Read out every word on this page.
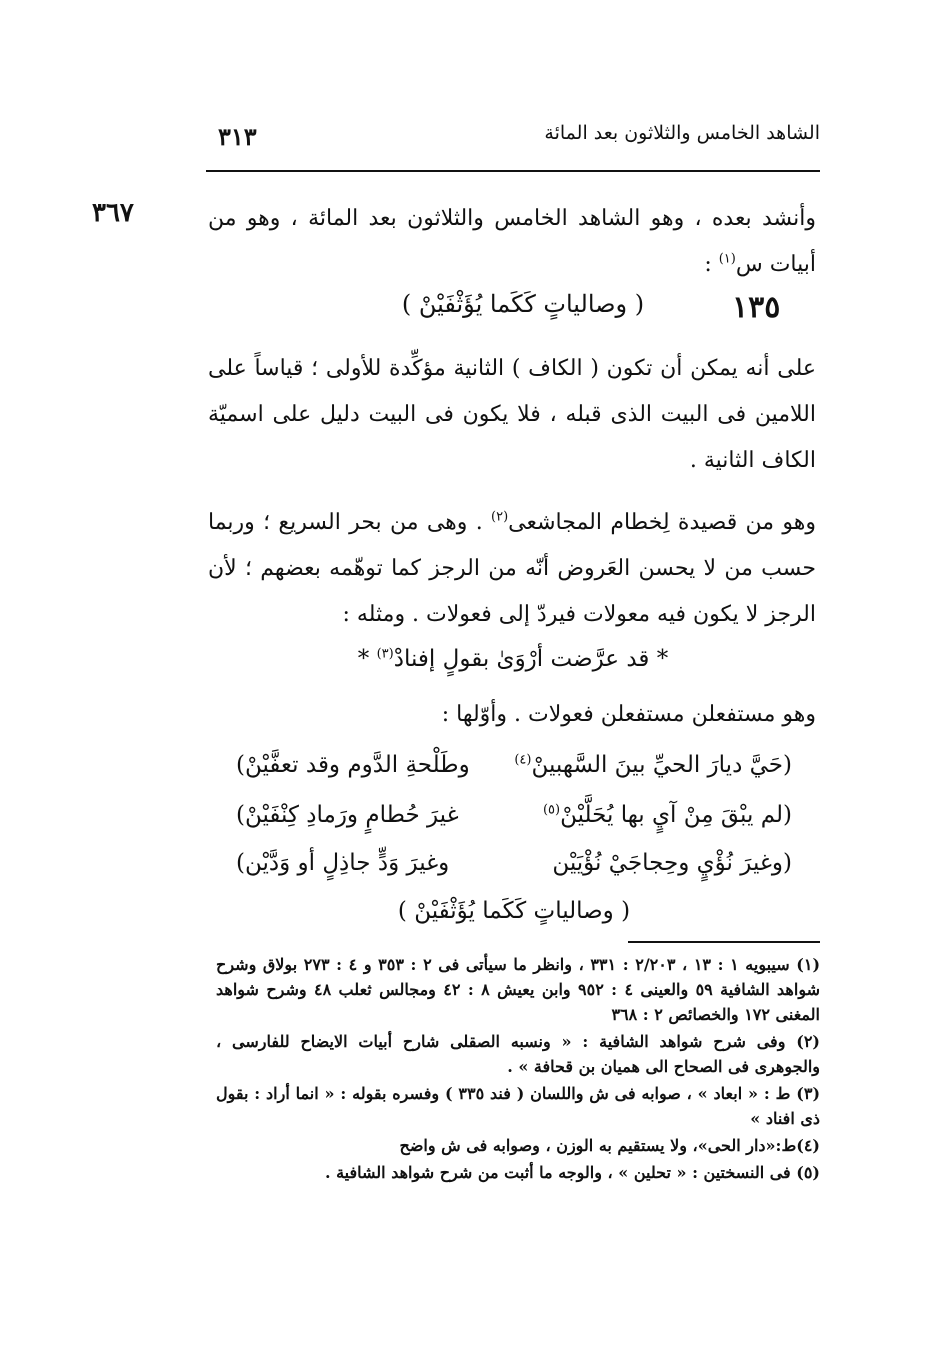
الشاهد الخامس والثلاثون بعد المائة
٣١٣
٣٦٧	وأنشد بعده ، وهو الشاهد الخامس والثلاثون بعد المائة ، وهو من أبيات س$^{(١)}$ :
١٣٥
( وصالياتٍ كَكَما يُؤَثْفَيْنْ )
على أنه يمكن أن تكون ( الكاف ) الثانية مؤكِّدة للأولى ؛ قياساً على اللامين فى البيت الذى قبله ، فلا يكون فى البيت دليل على اسميّة الكاف الثانية .
وهو من قصيدة لِخطام المجاشعى$^{(٢)}$ . وهى من بحر السريع ؛ وربما حسب من لا يحسن العَروض أنّه من الرجز كما توهّمه بعضهم ؛ لأن الرجز لا يكون فيه معولات فيردّ إلى فعولات . ومثله :
* قد عرَّضت أرْوَىٰ بقولٍ إفنادْ$^{(٣)}$ *
وهو مستفعلن مستفعلن فعولات . وأوّلها :
(حَيَّ ديارَ الحيِّ بينَ السَّهبينْ$^{(٤)}$
وطَلْحةِ الدَّوم وقد تعفَّيْنْ)
(لم يبْقَ مِنْ آيٍ بها يُحَلَّيْنْ$^{(٥)}$
غيرَ حُطامٍ ورَمادِ كِنْفَيْنْ)
(وغيرَ نُؤْيٍ وحِجاجَيْ نُؤْيَيْن
وغيرَ وَدٍّ جاذِلٍ أو وَدَّيْن)
( وصالياتٍ كَكَما يُؤَثْفَيْنْ )

(١) سيبويه ١ : ١٣ ، ٢/٢٠٣ : ٣٣١ ، وانظر ما سيأتى فى ٢ : ٣٥٣ و ٤ : ٢٧٣ بولاق وشرح شواهد الشافية ٥٩ والعينى ٤ : ٩٥٢ وابن يعيش ٨ : ٤٢ ومجالس ثعلب ٤٨ وشرح شواهد المغنى ١٧٢ والخصائص ٢ : ٣٦٨

(٢) وفى شرح شواهد الشافية : « ونسبه الصقلى شارح أبيات الايضاح للفارسى ، والجوهرى فى الصحاح الى هميان بن قحافة » .

(٣) ط : « ابعاد » ، صوابه فى ش واللسان ( فند ٣٣٥ ) وفسره بقوله : « انما أراد : بقول ذى افناد »

(٤)ط:«دار الحى»، ولا يستقيم به الوزن ، وصوابه فى ش واضح

(٥) فى النسختين : « تحلين » ، والوجه ما أثبت من شرح شواهد الشافية .
